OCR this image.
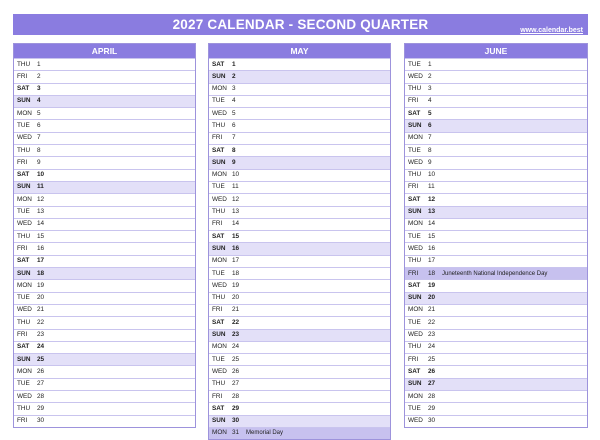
2027 CALENDAR - SECOND QUARTER	www.calendar.best
APRIL
THU	1
FRI	2
SAT	3
SUN	4
MON 5
TUE	6
WED 7
THU	8
FRI	9
SAT	10
SUN	11
MON 12
TUE	13
WED 14
THU	15
FRI	16
SAT	17
SUN	18
MON 19
TUE	20
WED 21
THU	22
FRI	23
SAT	24
SUN	25
MON 26
TUE	27
WED 28
THU	29
FRI	30
MAY
SAT	1
SUN	2
MON 3
TUE	4
WED 5
THU	6
FRI	7
SAT	8
SUN	9
MON 10
TUE	11
WED 12
THU	13
FRI	14
SAT	15
SUN	16
MON 17
TUE	18
WED 19
THU	20
FRI	21
SAT	22
SUN	23
MON 24
TUE	25
WED 26
THU	27
FRI	28
SAT	29
SUN	30
MON 31	Memorial Day
JUNE
TUE	1
WED 2
THU	3
FRI	4
SAT	5
SUN	6
MON 7
TUE	8
WED 9
THU	10
FRI	11
SAT	12
SUN	13
MON 14
TUE	15
WED 16
THU	17
FRI	18	Juneteenth National Independence Day
SAT	19
SUN	20
MON 21
TUE	22
WED 23
THU	24
FRI	25
SAT	26
SUN	27
MON 28
TUE	29
WED 30
